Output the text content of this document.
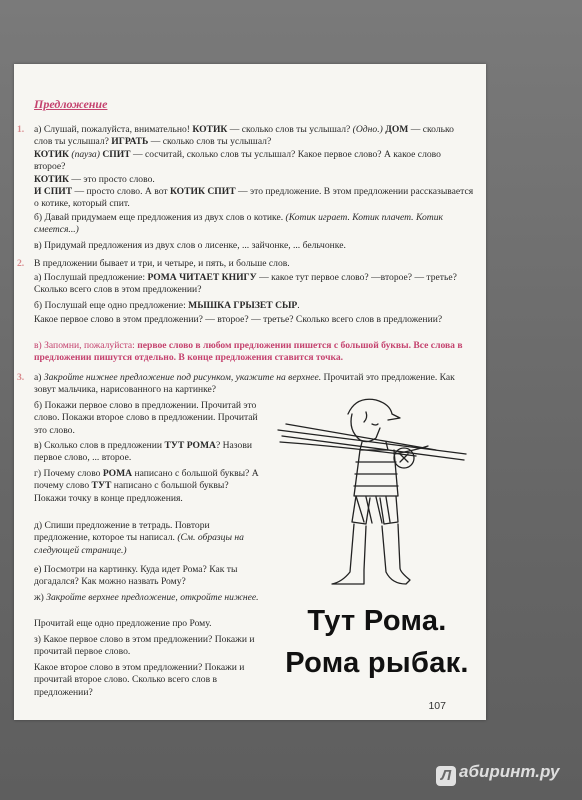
Предложение

1. а) Слушай, пожалуйста, внимательно! КОТИК — сколько слов ты услышал? (Одно.) ДОМ — сколько слов ты услышал? ИГРАТЬ — сколько слов ты услышал?

КОТИК (пауза) СПИТ — сосчитай, сколько слов ты услышал? Какое первое слово? А какое слово второе?

КОТИК — это просто слово.

И СПИТ — просто слово. А вот КОТИК СПИТ — это предложение. В этом предложении рассказывается о котике, который спит.

б) Давай придумаем еще предложения из двух слов о котике. (Котик играет. Котик плачет. Котик смеется...)

в) Придумай предложения из двух слов о лисенке, ... зайчонке, ... бельчонке.

2. В предложении бывает и три, и четыре, и пять, и больше слов.

а) Послушай предложение: РОМА ЧИТАЕТ КНИГУ — какое тут первое слово? —второе? — третье? Сколько всего слов в этом предложении?

б) Послушай еще одно предложение: МЫШКА ГРЫЗЕТ СЫР.

Какое первое слово в этом предложении? — второе? — третье? Сколько всего слов в предложении?

в) Запомни, пожалуйста: первое слово в любом предложении пишется с большой буквы. Все слова в предложении пишутся отдельно. В конце предложения ставится точка.

3. а) Закройте нижнее предложение под рисунком, укажите на верхнее. Прочитай это предложение. Как зовут мальчика, нарисованного на картинке?

б) Покажи первое слово в предложении. Прочитай это слово. Покажи второе слово в предложении. Прочитай это слово.

в) Сколько слов в предложении ТУТ РОМА? Назови первое слово, ... второе.

г) Почему слово РОМА написано с большой буквы? А почему слово ТУТ написано с большой буквы? Покажи точку в конце предложения.

д) Спиши предложение в тетрадь. Повтори предложение, которое ты написал. (См. образцы на следующей странице.)

е) Посмотри на картинку. Куда идет Рома? Как ты догадался? Как можно назвать Рому?

ж) Закройте верхнее предложение, откройте нижнее.

Прочитай еще одно предложение про Рому.

з) Какое первое слово в этом предложении? Покажи и прочитай первое слово.

Какое второе слово в этом предложении? Покажи и прочитай второе слово. Сколько всего слов в предложении?

Тут Рома.
Рома рыбак.
107
Л абиринт.ру
